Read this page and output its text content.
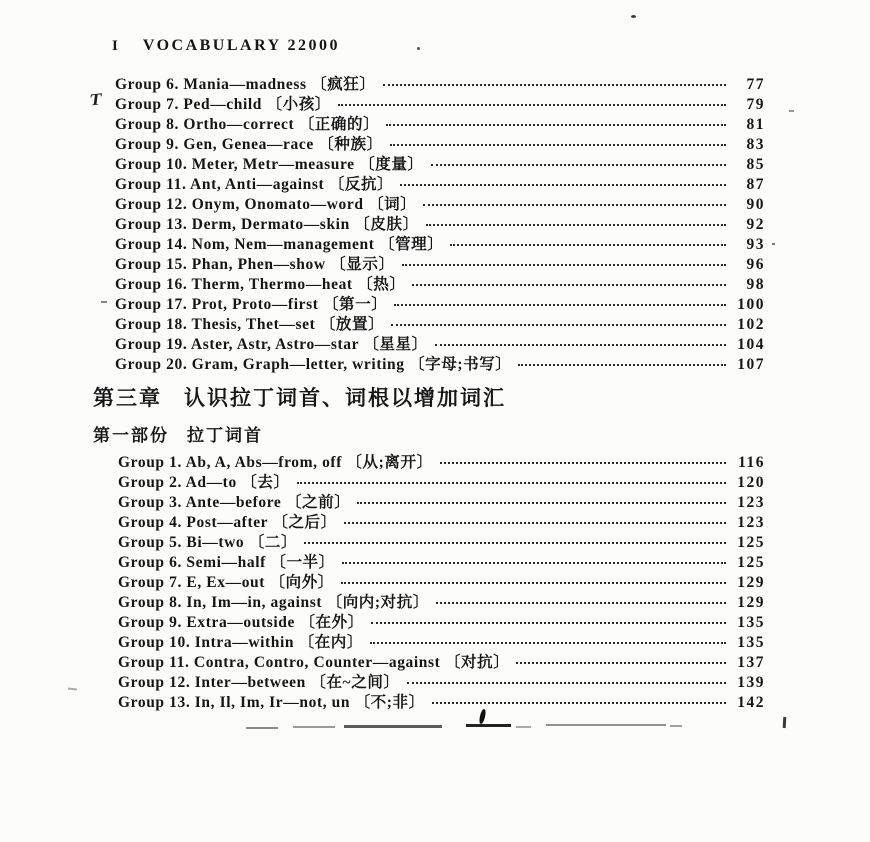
I VOCABULARY 22000
T
Group 6. Mania—madness 〔疯狂〕	77
Group 7. Ped—child 〔小孩〕	79
Group 8. Ortho—correct 〔正确的〕	81
Group 9. Gen, Genea—race 〔种族〕	83
Group 10. Meter, Metr—measure 〔度量〕	85
Group 11. Ant, Anti—against 〔反抗〕	87
Group 12. Onym, Onomato—word 〔词〕	90
Group 13. Derm, Dermato—skin 〔皮肤〕	92
Group 14. Nom, Nem—management 〔管理〕	93
Group 15. Phan, Phen—show 〔显示〕	96
Group 16. Therm, Thermo—heat 〔热〕	98
Group 17. Prot, Proto—first 〔第一〕	100
Group 18. Thesis, Thet—set 〔放置〕	102
Group 19. Aster, Astr, Astro—star 〔星星〕	104
Group 20. Gram, Graph—letter, writing 〔字母;书写〕	107
第三章 认识拉丁词首、词根以增加词汇
第一部份 拉丁词首
Group 1. Ab, A, Abs—from, off 〔从;离开〕	116
Group 2. Ad—to 〔去〕	120
Group 3. Ante—before 〔之前〕	123
Group 4. Post—after 〔之后〕	123
Group 5. Bi—two 〔二〕	125
Group 6. Semi—half 〔一半〕	125
Group 7. E, Ex—out 〔向外〕	129
Group 8. In, Im—in, against 〔向内;对抗〕	129
Group 9. Extra—outside 〔在外〕	135
Group 10. Intra—within 〔在内〕	135
Group 11. Contra, Contro, Counter—against 〔对抗〕	137
Group 12. Inter—between 〔在~之间〕	139
Group 13. In, Il, Im, Ir—not, un 〔不;非〕	142
